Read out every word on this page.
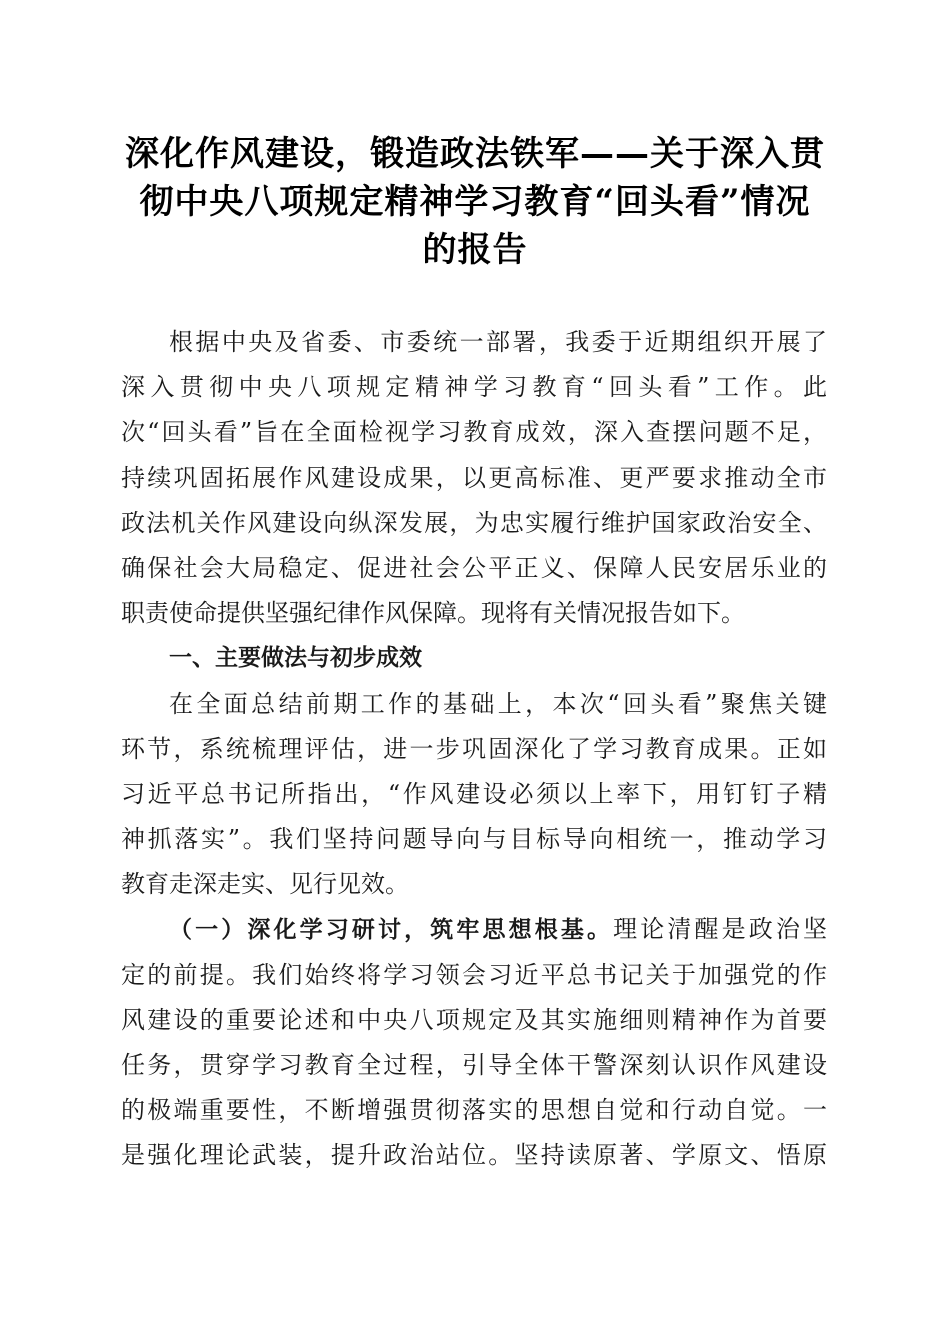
深化作风建设，锻造政法铁军——关于深入贯
彻中央八项规定精神学习教育“回头看”情况
的报告
根据中央及省委、市委统一部署，我委于近期组织开展了
深入贯彻中央八项规定精神学习教育“回头看”工作。此
次“回头看”旨在全面检视学习教育成效，深入查摆问题不足，
持续巩固拓展作风建设成果，以更高标准、更严要求推动全市
政法机关作风建设向纵深发展，为忠实履行维护国家政治安全、
确保社会大局稳定、促进社会公平正义、保障人民安居乐业的
职责使命提供坚强纪律作风保障。现将有关情况报告如下。
一、主要做法与初步成效
在全面总结前期工作的基础上，本次“回头看”聚焦关键
环节，系统梳理评估，进一步巩固深化了学习教育成果。正如
习近平总书记所指出，“作风建设必须以上率下，用钉钉子精
神抓落实”。我们坚持问题导向与目标导向相统一，推动学习
教育走深走实、见行见效。
（一）深化学习研讨，筑牢思想根基。理论清醒是政治坚
定的前提。我们始终将学习领会习近平总书记关于加强党的作
风建设的重要论述和中央八项规定及其实施细则精神作为首要
任务，贯穿学习教育全过程，引导全体干警深刻认识作风建设
的极端重要性，不断增强贯彻落实的思想自觉和行动自觉。一
是强化理论武装，提升政治站位。坚持读原著、学原文、悟原
